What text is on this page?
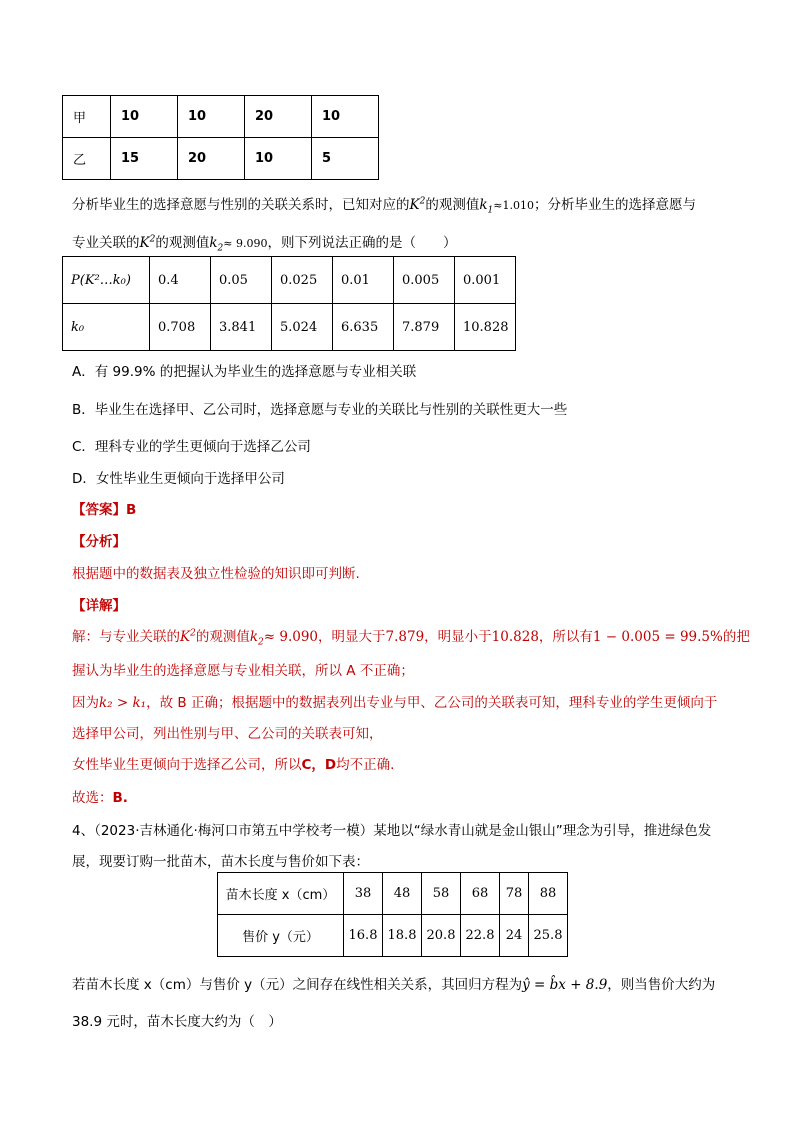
甲	10	10	20	10
乙	15	20	10	5
分析毕业生的选择意愿与性别的关联关系时，已知对应的$K^2$的观测值$k_1\approx 1.010$；分析毕业生的选择意愿与
专业关联的$K^2$的观测值$k_2\approx 9.090$，则下列说法正确的是（　　）
P(K²…k₀)	0.4	0.05	0.025	0.01	0.005	0.001
k₀	0.708	3.841	5.024	6.635	7.879	10.828
A．有 99.9% 的把握认为毕业生的选择意愿与专业相关联
B．毕业生在选择甲、乙公司时，选择意愿与专业的关联比与性别的关联性更大一些
C．理科专业的学生更倾向于选择乙公司
D．女性毕业生更倾向于选择甲公司
【答案】B
【分析】
根据题中的数据表及独立性检验的知识即可判断.
【详解】
解：与专业关联的$K^2$的观测值$k_2\approx 9.090$，明显大于7.879，明显小于10.828，所以有1 − 0.005 = 99.5%的把
握认为毕业生的选择意愿与专业相关联，所以 A 不正确；
因为k₂ > k₁，故 B 正确；根据题中的数据表列出专业与甲、乙公司的关联表可知，理科专业的学生更倾向于
选择甲公司，列出性别与甲、乙公司的关联表可知，
女性毕业生更倾向于选择乙公司，所以C，D均不正确.
故选：B.
4、（2023·吉林通化·梅河口市第五中学校考一模）某地以“绿水青山就是金山银山”理念为引导，推进绿色发
展，现要订购一批苗木，苗木长度与售价如下表：
苗木长度 x（cm）	38	48	58	68	78	88
售价 y（元）	16.8	18.8	20.8	22.8	24	25.8
若苗木长度 x（cm）与售价 y（元）之间存在线性相关关系，其回归方程为ŷ = b̂x + 8.9，则当售价大约为
38.9 元时，苗木长度大约为（　）
